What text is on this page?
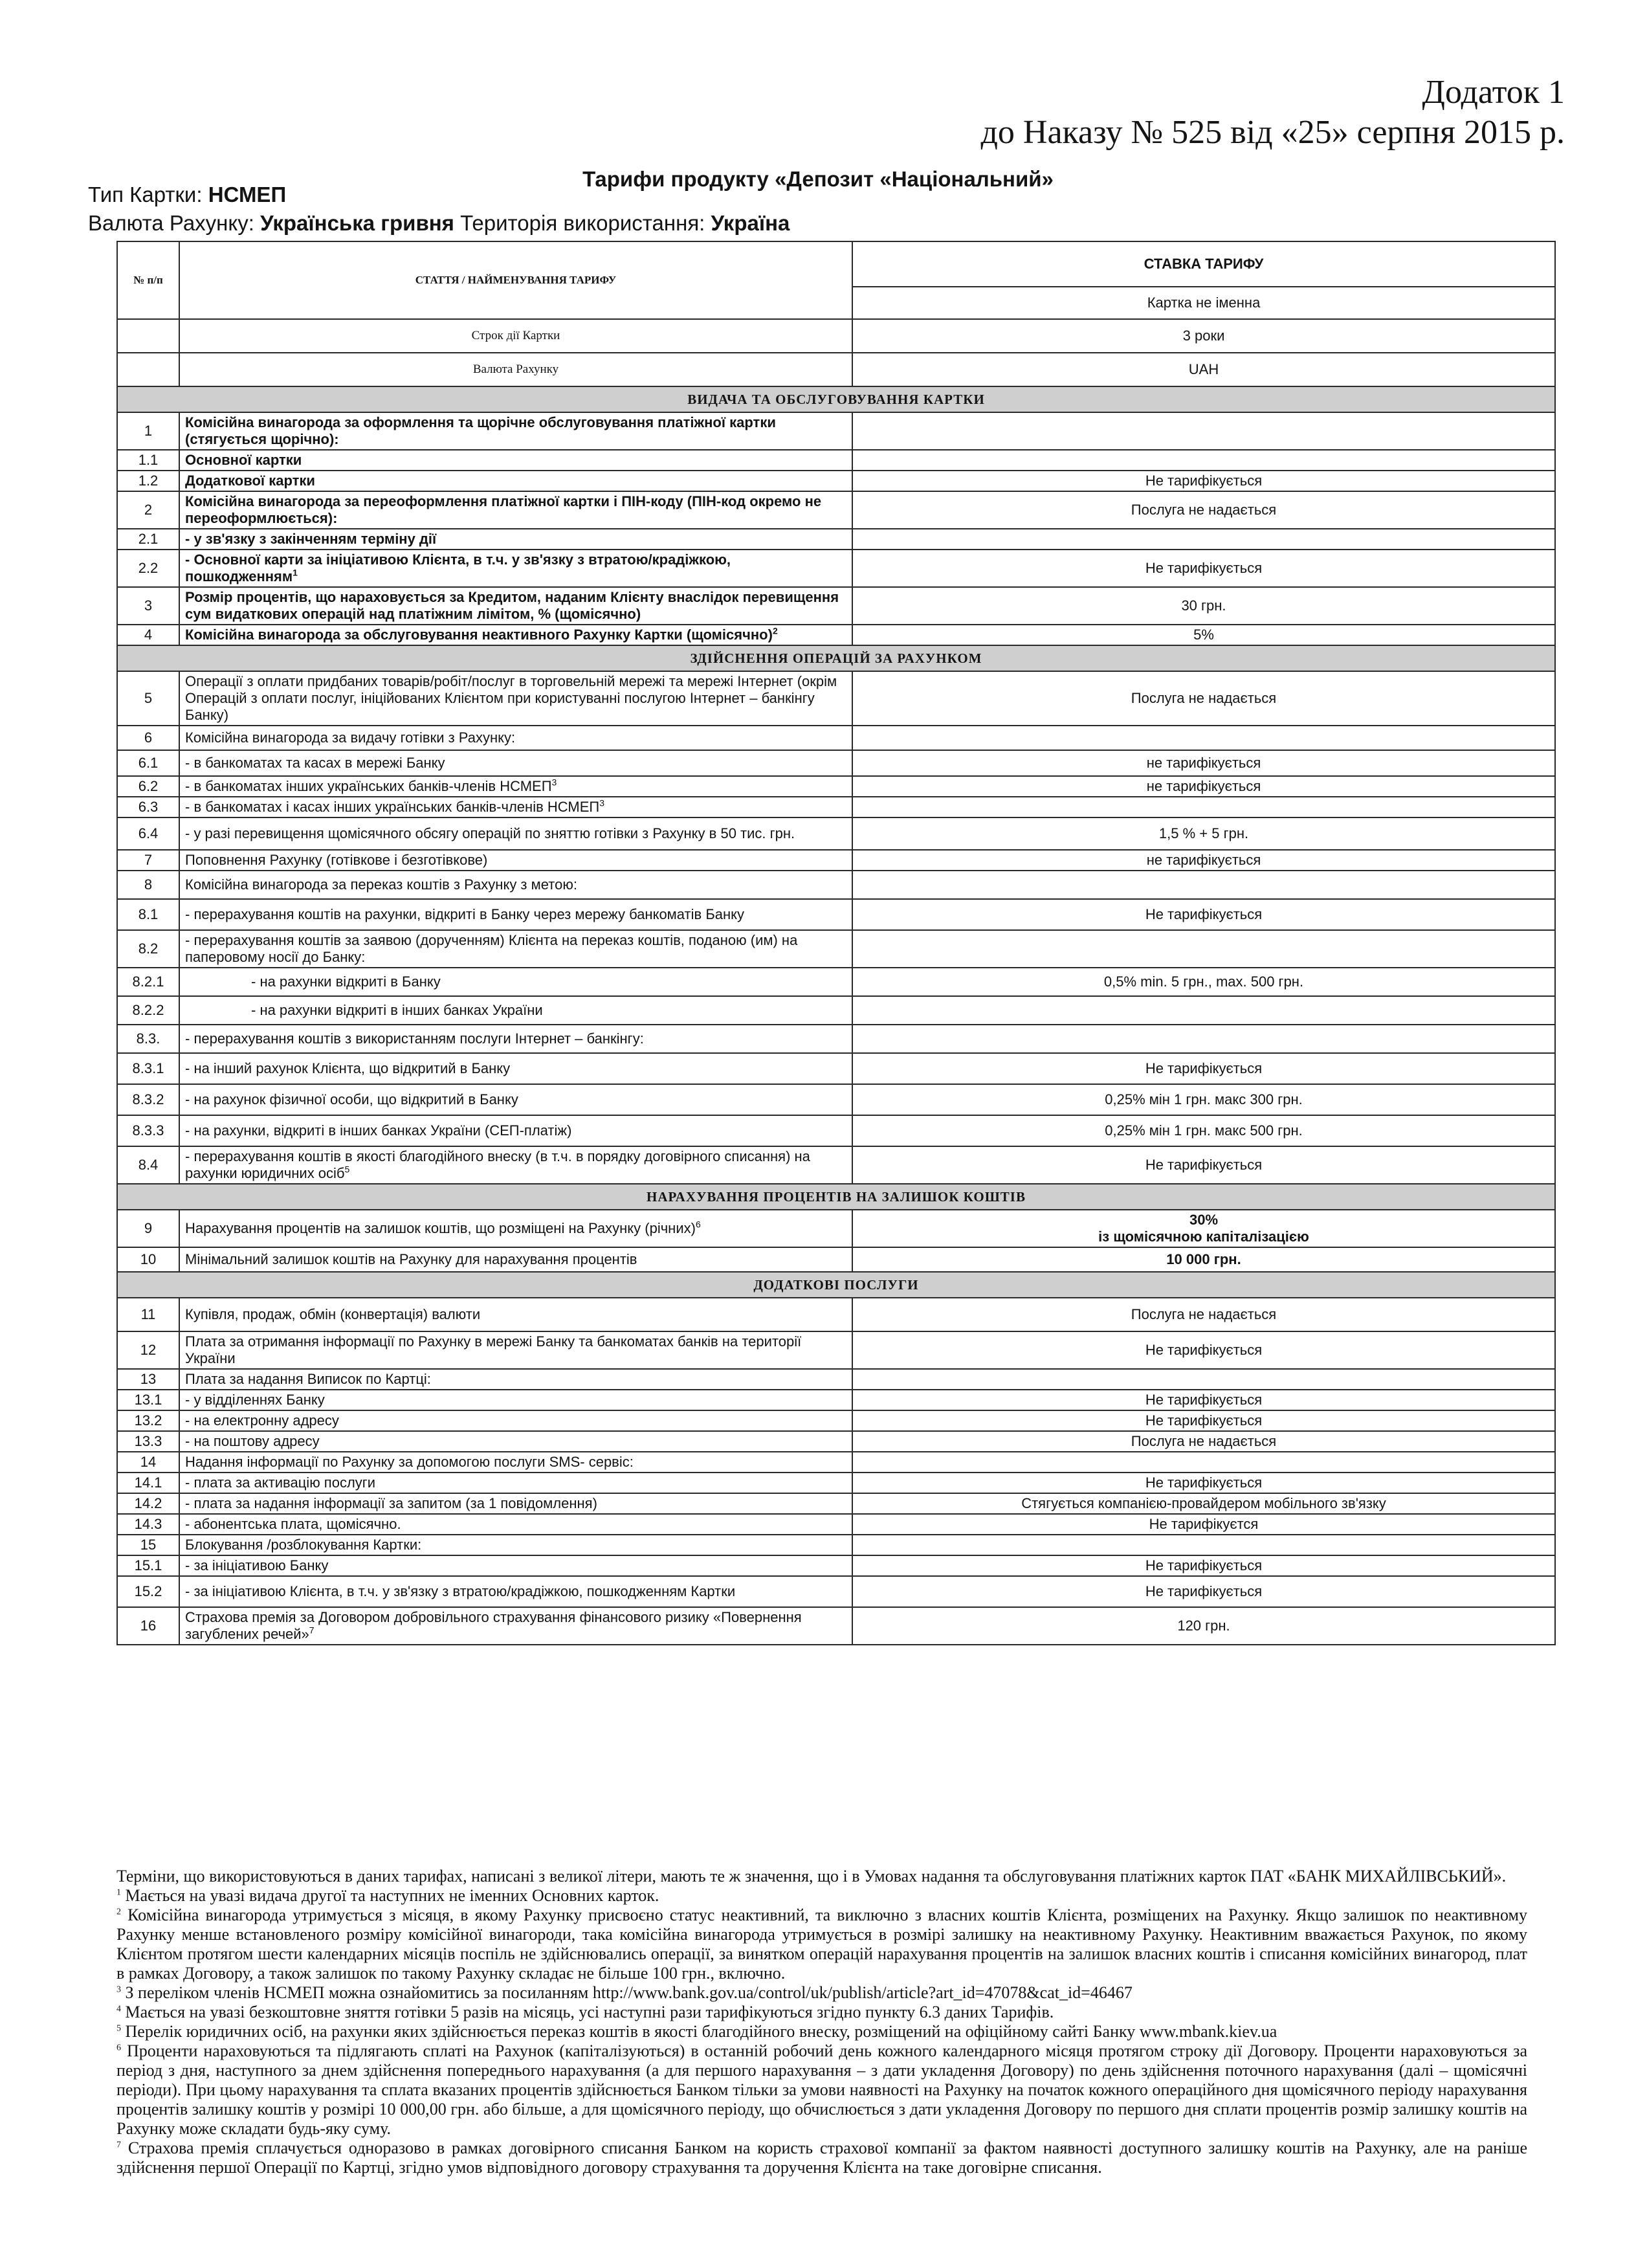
Додаток 1
до Наказу № 525 від «25» серпня 2015 р.
Тарифи продукту «Депозит «Національний»
Тип Картки: НСМЕП
Валюта Рахунку: Українська гривня Територія використання: Україна
№ п/п	СТАТТЯ / НАЙМЕНУВАННЯ ТАРИФУ	СТАВКА ТАРИФУ
		Картка не іменна
	Строк дії Картки	3 роки
	Валюта Рахунку	UAH
ВИДАЧА ТА ОБСЛУГОВУВАННЯ КАРТКИ		
1	Комісійна винагорода за оформлення та щорічне обслуговування платіжної картки (стягується щорічно):	
1.1	Основної картки	
1.2	Додаткової картки	Не тарифікується
2	Комісійна винагорода за переоформлення платіжної картки і ПІН-коду (ПІН-код окремо не переоформлюється):	Послуга не надається
2.1	- у зв'язку з закінченням терміну дії	
2.2	- Основної карти за ініціативою Клієнта, в т.ч. у зв'язку з втратою/крадіжкою, пошкодженням$^1$	Не тарифікується
3	Розмір процентів, що нараховується за Кредитом, наданим Клієнту внаслідок перевищення сум видаткових операцій над платіжним лімітом, % (щомісячно)	30 грн.
4	Комісійна винагорода за обслуговування неактивного Рахунку Картки (щомісячно)$^2$	5%
ЗДІЙСНЕННЯ ОПЕРАЦІЙ ЗА РАХУНКОМ		
5	Операції з оплати придбаних товарів/робіт/послуг в торговельній мережі та мережі Інтернет (окрім Операцій з оплати послуг, ініційованих Клієнтом при користуванні послугою Інтернет – банкінгу Банку)	Послуга не надається
6	Комісійна винагорода за видачу готівки з Рахунку:	
6.1	- в банкоматах та касах в мережі Банку	не тарифікується
6.2	- в банкоматах інших українських банків-членів НСМЕП$^3$	не тарифікується
6.3	- в банкоматах і касах інших українських банків-членів НСМЕП$^3$	
6.4	- у разі перевищення щомісячного обсягу операцій по зняттю готівки з Рахунку в 50 тис. грн.	1,5 % + 5 грн.
7	Поповнення Рахунку (готівкове і безготівкове)	не тарифікується
8	Комісійна винагорода за переказ коштів з Рахунку з метою:	
8.1	- перерахування коштів на рахунки, відкриті в Банку через мережу банкоматів Банку	Не тарифікується
8.2	- перерахування коштів за заявою (дорученням) Клієнта на переказ коштів, поданою (им) на паперовому носії до Банку:	
8.2.1	- на рахунки відкриті в Банку	0,5% min. 5 грн., max. 500 грн.
8.2.2	- на рахунки відкриті в інших банках України	
8.3.	- перерахування коштів з використанням послуги Інтернет – банкінгу:	
8.3.1	- на інший рахунок Клієнта, що відкритий в Банку	Не тарифікується
8.3.2	- на рахунок фізичної особи, що відкритий в Банку	0,25% мін 1 грн. макс 300 грн.
8.3.3	- на рахунки, відкриті в інших банках України (СЕП-платіж)	0,25% мін 1 грн. макс 500 грн.
8.4	- перерахування коштів в якості благодійного внеску (в т.ч. в порядку договірного списання) на рахунки юридичних осіб$^5$	Не тарифікується
НАРАХУВАННЯ ПРОЦЕНТІВ НА ЗАЛИШОК КОШТІВ		
9	Нарахування процентів на залишок коштів, що розміщені на Рахунку (річних)$^6$	30%
із щомісячною капіталізацією
10	Мінімальний залишок коштів на Рахунку для нарахування процентів	10 000 грн.
ДОДАТКОВІ ПОСЛУГИ		
11	Купівля, продаж, обмін (конвертація) валюти	Послуга не надається
12	Плата за отримання інформації по Рахунку в мережі Банку та банкоматах банків на території України	Не тарифікується
13	Плата за надання Виписок по Картці:	
13.1	- у відділеннях Банку	Не тарифікується
13.2	- на електронну адресу	Не тарифікується
13.3	- на поштову адресу	Послуга не надається
14	Надання інформації по Рахунку за допомогою послуги SMS- сервіс:	
14.1	- плата за активацію послуги	Не тарифікується
14.2	- плата за надання інформації за запитом (за 1 повідомлення)	Стягується компанією-провайдером мобільного зв'язку
14.3	- абонентська плата, щомісячно.	Не тарифікуєтся
15	Блокування /розблокування Картки:	
15.1	- за ініціативою Банку	Не тарифікується
15.2	- за ініціативою Клієнта, в т.ч. у зв'язку з втратою/крадіжкою, пошкодженням Картки	Не тарифікується
16	Страхова премія за Договором добровільного страхування фінансового ризику «Повернення загублених речей»$^7$	120 грн.

Терміни, що використовуються в даних тарифах, написані з великої літери, мають те ж значення, що і в Умовах надання та обслуговування платіжних карток ПАТ «БАНК МИХАЙЛІВСЬКИЙ».

$^1$ Мається на увазі видача другої та наступних не іменних Основних карток.

$^2$ Комісійна винагорода утримується з місяця, в якому Рахунку присвоєно статус неактивний, та виключно з власних коштів Клієнта, розміщених на Рахунку. Якщо залишок по неактивному Рахунку менше встановленого розміру комісійної винагороди, така комісійна винагорода утримується в розмірі залишку на неактивному Рахунку. Неактивним вважається Рахунок, по якому Клієнтом протягом шести календарних місяців поспіль не здійснювались операції, за винятком операцій нарахування процентів на залишок власних коштів і списання комісійних винагород, плат в рамках Договору, а також залишок по такому Рахунку складає не більше 100 грн., включно.

$^3$ З переліком членів НСМЕП можна ознайомитись за посиланням http://www.bank.gov.ua/control/uk/publish/article?art_id=47078&cat_id=46467

$^4$ Мається на увазі безкоштовне зняття готівки 5 разів на місяць, усі наступні рази тарифікуються згідно пункту 6.3 даних Тарифів.

$^5$ Перелік юридичних осіб, на рахунки яких здійснюється переказ коштів в якості благодійного внеску, розміщений на офіційному сайті Банку www.mbank.kiev.ua

$^6$ Проценти нараховуються та підлягають сплаті на Рахунок (капіталізуються) в останній робочий день кожного календарного місяця протягом строку дії Договору. Проценти нараховуються за період з дня, наступного за днем здійснення попереднього нарахування (а для першого нарахування – з дати укладення Договору) по день здійснення поточного нарахування (далі – щомісячні періоди). При цьому нарахування та сплата вказаних процентів здійснюється Банком тільки за умови наявності на Рахунку на початок кожного операційного дня щомісячного періоду нарахування процентів залишку коштів у розмірі 10 000,00 грн. або більше, а для щомісячного періоду, що обчислюється з дати укладення Договору по першого дня сплати процентів розмір залишку коштів на Рахунку може складати будь-яку суму.

$^7$ Страхова премія сплачується одноразово в рамках договірного списання Банком на користь страхової компанії за фактом наявності доступного залишку коштів на Рахунку, але на раніше здійснення першої Операції по Картці, згідно умов відповідного договору страхування та доручення Клієнта на таке договірне списання.
